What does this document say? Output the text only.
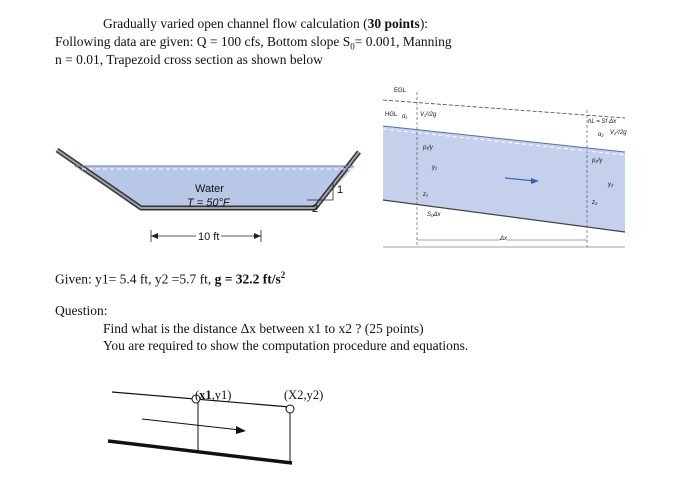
Gradually varied open channel flow calculation (30 points):
Following data are given: Q = 100 cfs, Bottom slope $S_0= 0.001$, Manning
n = 0.01, Trapezoid cross section as shown below
Water
T = 50°F
1
2
10 ft
EGL
HGL α₁ V₁²/2g
hL = Sf·Δx
α₂ V₂²/2g
p₁/γ
p₂/γ
y₁
y₂
z₁
z₂
S₀Δx
Δx
Given: y1= 5.4 ft, y2 =5.7 ft, g = 32.2 $ft/s^2$
Question:
Find what is the distance Δx between x1 to x2 ? (25 points)
You are required to show the computation procedure and equations.
(x1,y1)	(X2,y2)
